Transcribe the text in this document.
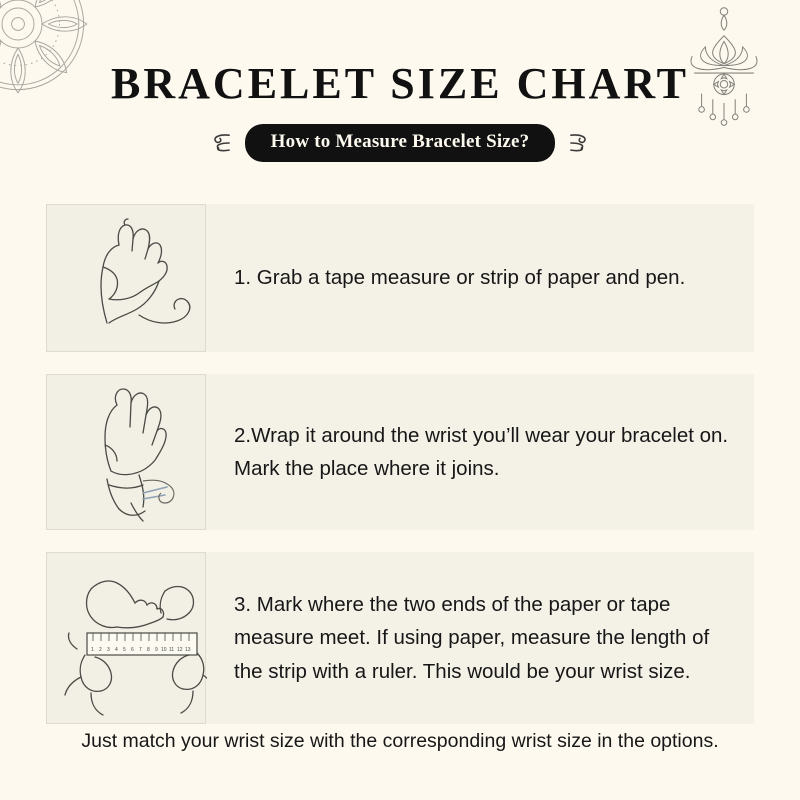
BRACELET SIZE CHART
How to Measure Bracelet Size?
1. Grab a tape measure or strip of paper and pen.
2.Wrap it around the wrist you’ll wear your bracelet on. Mark the place where it joins.
1 2 3 4 5 6 7 8 9 10 11 12 13
3. Mark where the two ends of the paper or tape measure meet. If using paper, measure the length of the strip with a ruler. This would be your wrist size.
Just match your wrist size with the corresponding wrist size in the options.
